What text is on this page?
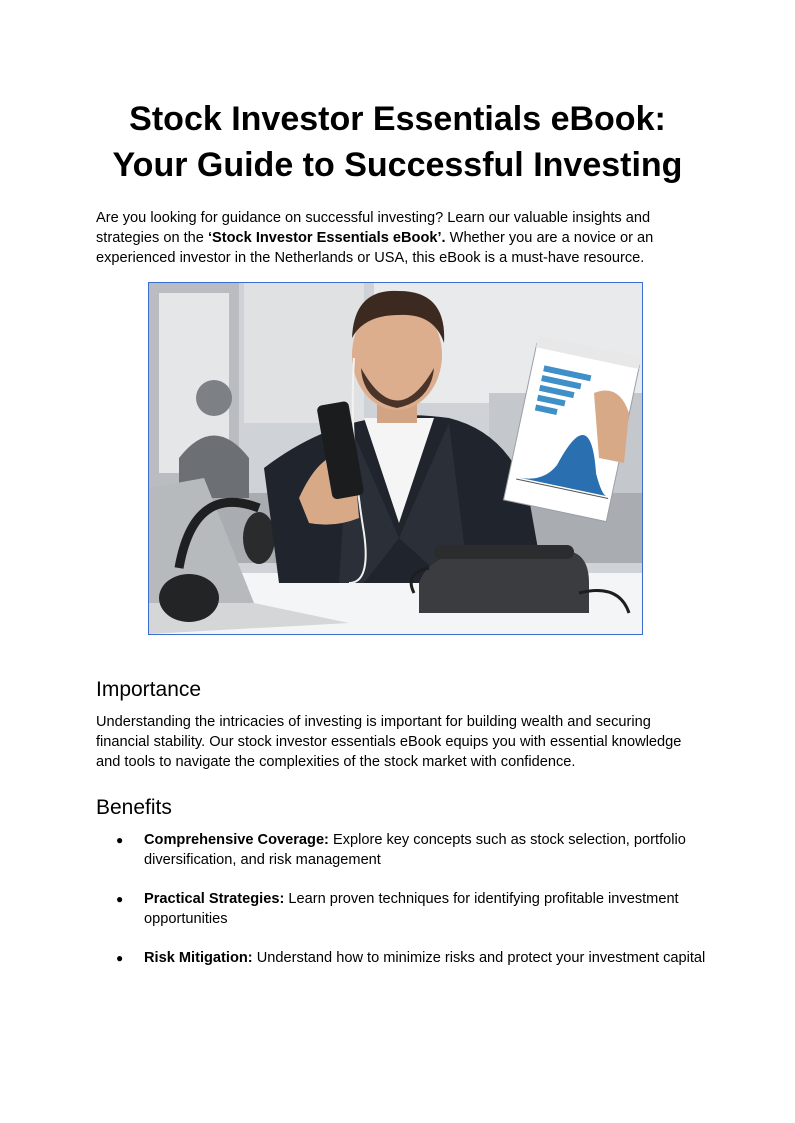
Stock Investor Essentials eBook:
Your Guide to Successful Investing

Are you looking for guidance on successful investing? Learn our valuable insights and strategies on the ‘Stock Investor Essentials eBook’. Whether you are a novice or an experienced investor in the Netherlands or USA, this eBook is a must-have resource.

Importance

Understanding the intricacies of investing is important for building wealth and securing financial stability. Our stock investor essentials eBook equips you with essential knowledge and tools to navigate the complexities of the stock market with confidence.

Benefits
● Comprehensive Coverage: Explore key concepts such as stock selection, portfolio diversification, and risk management
● Practical Strategies: Learn proven techniques for identifying profitable investment opportunities
● Risk Mitigation: Understand how to minimize risks and protect your investment capital
